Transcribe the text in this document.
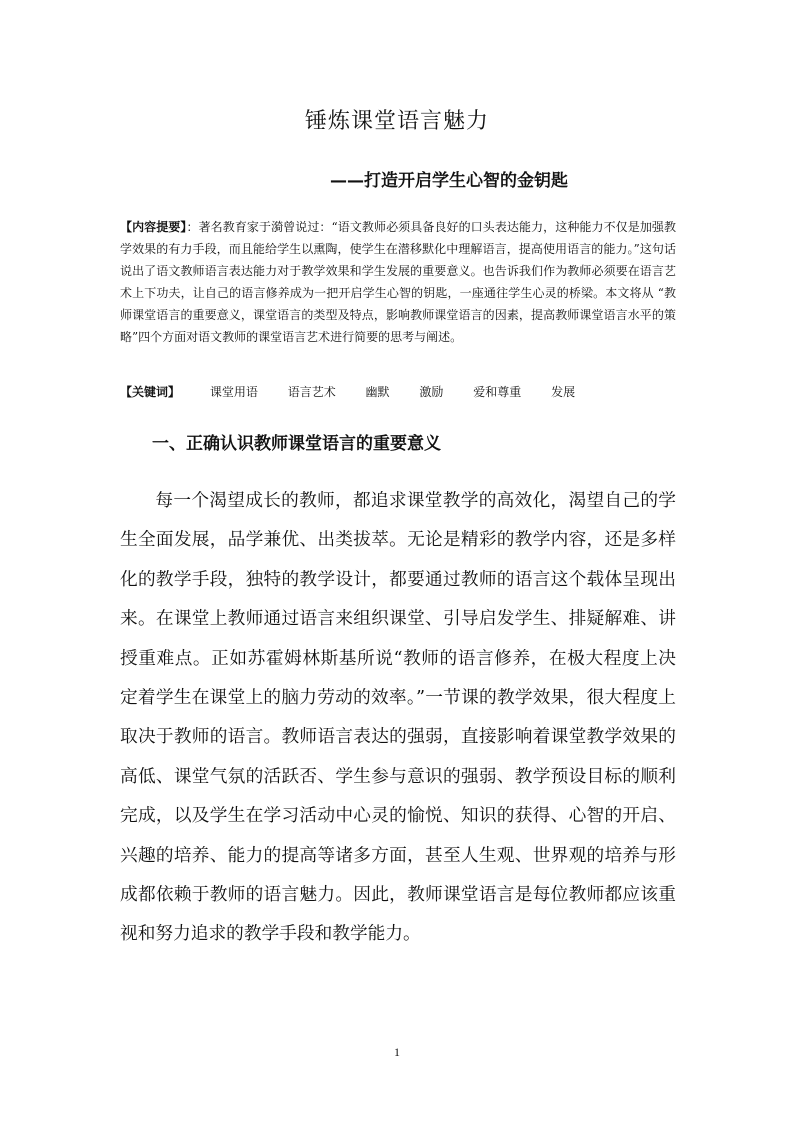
锤炼课堂语言魅力
——打造开启学生心智的金钥匙

【内容提要】：著名教育家于漪曾说过：“语文教师必须具备良好的口头表达能力，这种能力不仅是加强教学效果的有力手段，而且能给学生以熏陶，使学生在潜移默化中理解语言，提高使用语言的能力。”这句话说出了语文教师语言表达能力对于教学效果和学生发展的重要意义。也告诉我们作为教师必须要在语言艺术上下功夫，让自己的语言修养成为一把开启学生心智的钥匙，一座通往学生心灵的桥梁。本文将从 “教师课堂语言的重要意义，课堂语言的类型及特点，影响教师课堂语言的因素，提高教师课堂语言水平的策略”四个方面对语文教师的课堂语言艺术进行简要的思考与阐述。

【关键词】 课堂用语 语言艺术 幽默 激励 爱和尊重 发展

一、正确认识教师课堂语言的重要意义

每一个渴望成长的教师，都追求课堂教学的高效化，渴望自己的学生全面发展，品学兼优、出类拔萃。无论是精彩的教学内容，还是多样化的教学手段，独特的教学设计，都要通过教师的语言这个载体呈现出来。在课堂上教师通过语言来组织课堂、引导启发学生、排疑解难、讲授重难点。正如苏霍姆林斯基所说“教师的语言修养，在极大程度上决定着学生在课堂上的脑力劳动的效率。”一节课的教学效果，很大程度上取决于教师的语言。教师语言表达的强弱，直接影响着课堂教学效果的高低、课堂气氛的活跃否、学生参与意识的强弱、教学预设目标的顺利完成，以及学生在学习活动中心灵的愉悦、知识的获得、心智的开启、兴趣的培养、能力的提高等诸多方面，甚至人生观、世界观的培养与形成都依赖于教师的语言魅力。因此，教师课堂语言是每位教师都应该重视和努力追求的教学手段和教学能力。

1
